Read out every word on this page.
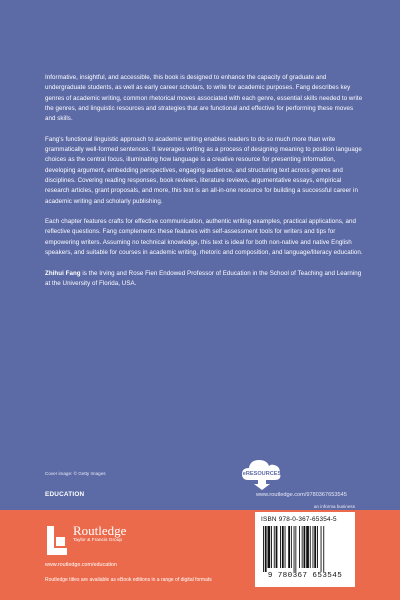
Informative, insightful, and accessible, this book is designed to enhance the capacity of graduate and undergraduate students, as well as early career scholars, to write for academic purposes. Fang describes key genres of academic writing, common rhetorical moves associated with each genre, essential skills needed to write the genres, and linguistic resources and strategies that are functional and effective for performing these moves and skills.

Fang's functional linguistic approach to academic writing enables readers to do so much more than write grammatically well-formed sentences. It leverages writing as a process of designing meaning to position language choices as the central focus, illuminating how language is a creative resource for presenting information, developing argument, embedding perspectives, engaging audience, and structuring text across genres and disciplines. Covering reading responses, book reviews, literature reviews, argumentative essays, empirical research articles, grant proposals, and more, this text is an all-in-one resource for building a successful career in academic writing and scholarly publishing.

Each chapter features crafts for effective communication, authentic writing examples, practical applications, and reflective questions. Fang complements these features with self-assessment tools for writers and tips for empowering writers. Assuming no technical knowledge, this text is ideal for both non-native and native English speakers, and suitable for courses in academic writing, rhetoric and composition, and language/literacy education.

Zhihui Fang is the Irving and Rose Fien Endowed Professor of Education in the School of Teaching and Learning at the University of Florida, USA.

Cover image: © Getty Images
EDUCATION
eRESOURCES
www.routledge.com/9780367653545
an informa business
Routledge
Taylor & Francis Group
www.routledge.com/education
Routledge titles are available as eBook editions in a range of digital formats
ISBN 978-0-367-65354-5
9 780367 653545
